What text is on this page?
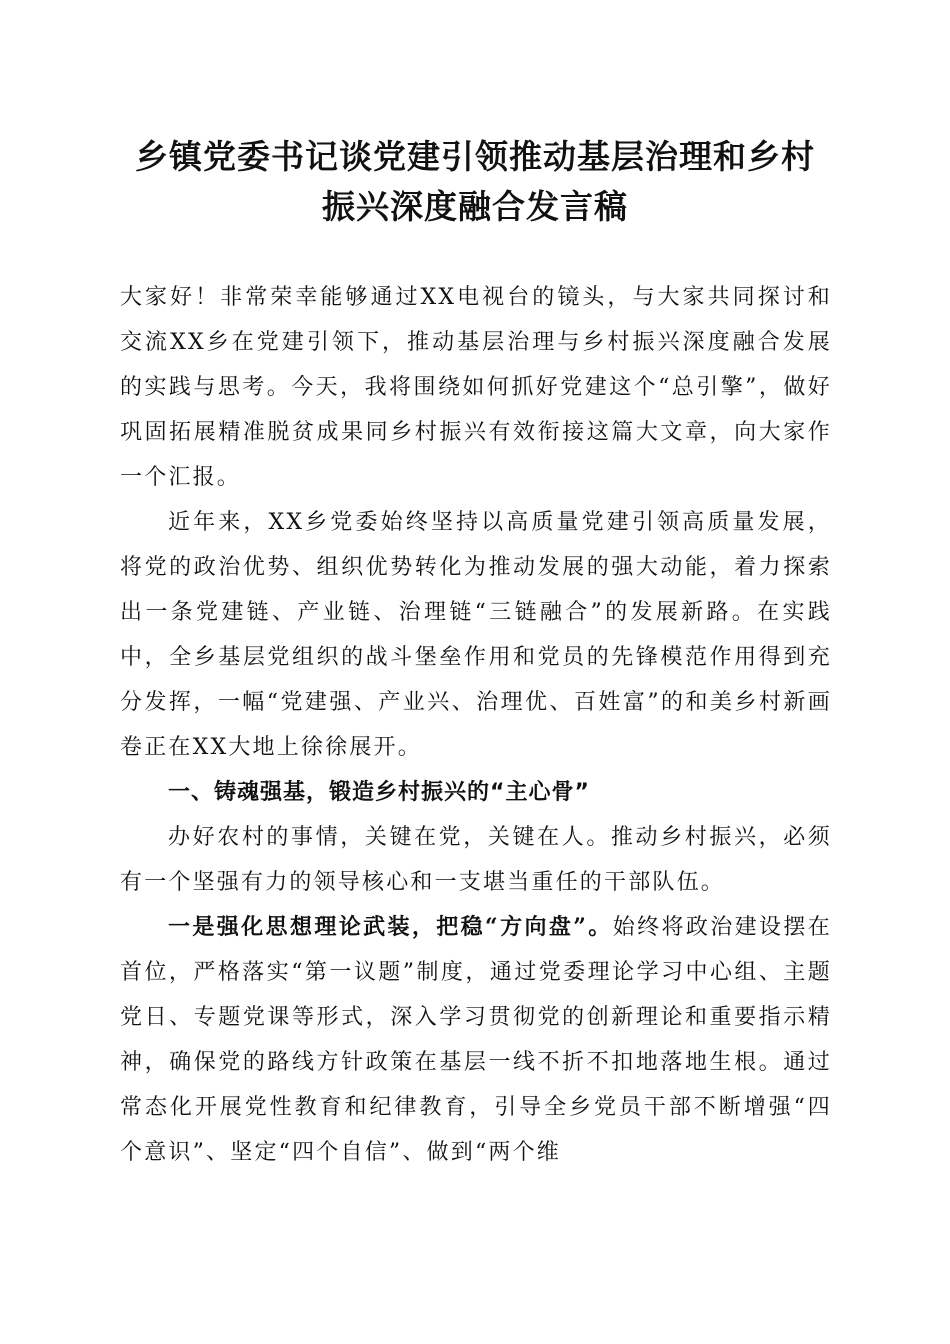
乡镇党委书记谈党建引领推动基层治理和乡村
振兴深度融合发言稿

大家好！非常荣幸能够通过XX电视台的镜头，与大家共同探讨和交流XX乡在党建引领下，推动基层治理与乡村振兴深度融合发展的实践与思考。今天，我将围绕如何抓好党建这个“总引擎”，做好巩固拓展精准脱贫成果同乡村振兴有效衔接这篇大文章，向大家作一个汇报。

近年来，XX乡党委始终坚持以高质量党建引领高质量发展，将党的政治优势、组织优势转化为推动发展的强大动能，着力探索出一条党建链、产业链、治理链“三链融合”的发展新路。在实践中，全乡基层党组织的战斗堡垒作用和党员的先锋模范作用得到充分发挥，一幅“党建强、产业兴、治理优、百姓富”的和美乡村新画卷正在XX大地上徐徐展开。

一、铸魂强基，锻造乡村振兴的“主心骨”

办好农村的事情，关键在党，关键在人。推动乡村振兴，必须有一个坚强有力的领导核心和一支堪当重任的干部队伍。

一是强化思想理论武装，把稳“方向盘”。始终将政治建设摆在首位，严格落实“第一议题”制度，通过党委理论学习中心组、主题党日、专题党课等形式，深入学习贯彻党的创新理论和重要指示精神，确保党的路线方针政策在基层一线不折不扣地落地生根。通过常态化开展党性教育和纪律教育，引导全乡党员干部不断增强“四个意识”、坚定“四个自信”、做到“两个维
